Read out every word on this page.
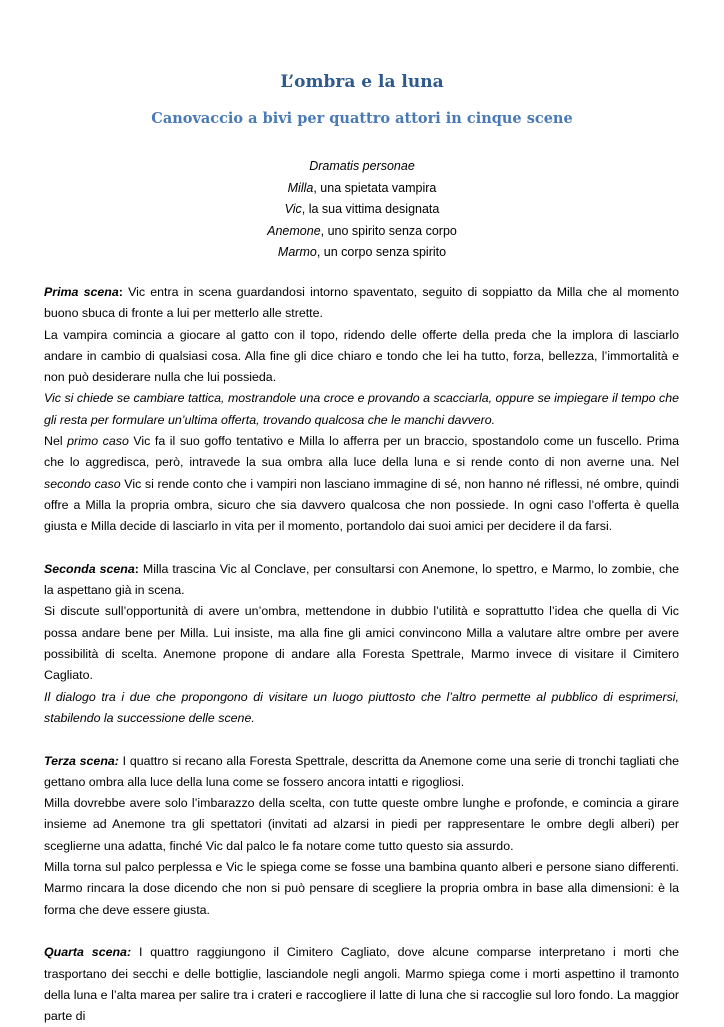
L’ombra e la luna
Canovaccio a bivi per quattro attori in cinque scene
Dramatis personae
Milla, una spietata vampira
Vic, la sua vittima designata
Anemone, uno spirito senza corpo
Marmo, un corpo senza spirito

Prima scena: Vic entra in scena guardandosi intorno spaventato, seguito di soppiatto da Milla che al momento buono sbuca di fronte a lui per metterlo alle strette.

La vampira comincia a giocare al gatto con il topo, ridendo delle offerte della preda che la implora di lasciarlo andare in cambio di qualsiasi cosa. Alla fine gli dice chiaro e tondo che lei ha tutto, forza, bellezza, l’immortalità e non può desiderare nulla che lui possieda.

Vic si chiede se cambiare tattica, mostrandole una croce e provando a scacciarla, oppure se impiegare il tempo che gli resta per formulare un’ultima offerta, trovando qualcosa che le manchi davvero.

Nel primo caso Vic fa il suo goffo tentativo e Milla lo afferra per un braccio, spostandolo come un fuscello. Prima che lo aggredisca, però, intravede la sua ombra alla luce della luna e si rende conto di non averne una. Nel secondo caso Vic si rende conto che i vampiri non lasciano immagine di sé, non hanno né riflessi, né ombre, quindi offre a Milla la propria ombra, sicuro che sia davvero qualcosa che non possiede. In ogni caso l’offerta è quella giusta e Milla decide di lasciarlo in vita per il momento, portandolo dai suoi amici per decidere il da farsi.

Seconda scena: Milla trascina Vic al Conclave, per consultarsi con Anemone, lo spettro, e Marmo, lo zombie, che la aspettano già in scena.

Si discute sull’opportunità di avere un’ombra, mettendone in dubbio l’utilità e soprattutto l’idea che quella di Vic possa andare bene per Milla. Lui insiste, ma alla fine gli amici convincono Milla a valutare altre ombre per avere possibilità di scelta. Anemone propone di andare alla Foresta Spettrale, Marmo invece di visitare il Cimitero Cagliato.

Il dialogo tra i due che propongono di visitare un luogo piuttosto che l’altro permette al pubblico di esprimersi, stabilendo la successione delle scene.

Terza scena: I quattro si recano alla Foresta Spettrale, descritta da Anemone come una serie di tronchi tagliati che gettano ombra alla luce della luna come se fossero ancora intatti e rigogliosi.

Milla dovrebbe avere solo l’imbarazzo della scelta, con tutte queste ombre lunghe e profonde, e comincia a girare insieme ad Anemone tra gli spettatori (invitati ad alzarsi in piedi per rappresentare le ombre degli alberi) per sceglierne una adatta, finché Vic dal palco le fa notare come tutto questo sia assurdo.

Milla torna sul palco perplessa e Vic le spiega come se fosse una bambina quanto alberi e persone siano differenti. Marmo rincara la dose dicendo che non si può pensare di scegliere la propria ombra in base alla dimensioni: è la forma che deve essere giusta.

Quarta scena: I quattro raggiungono il Cimitero Cagliato, dove alcune comparse interpretano i morti che trasportano dei secchi e delle bottiglie, lasciandole negli angoli. Marmo spiega come i morti aspettino il tramonto della luna e l’alta marea per salire tra i crateri e raccogliere il latte di luna che si raccoglie sul loro fondo. La maggior parte di
